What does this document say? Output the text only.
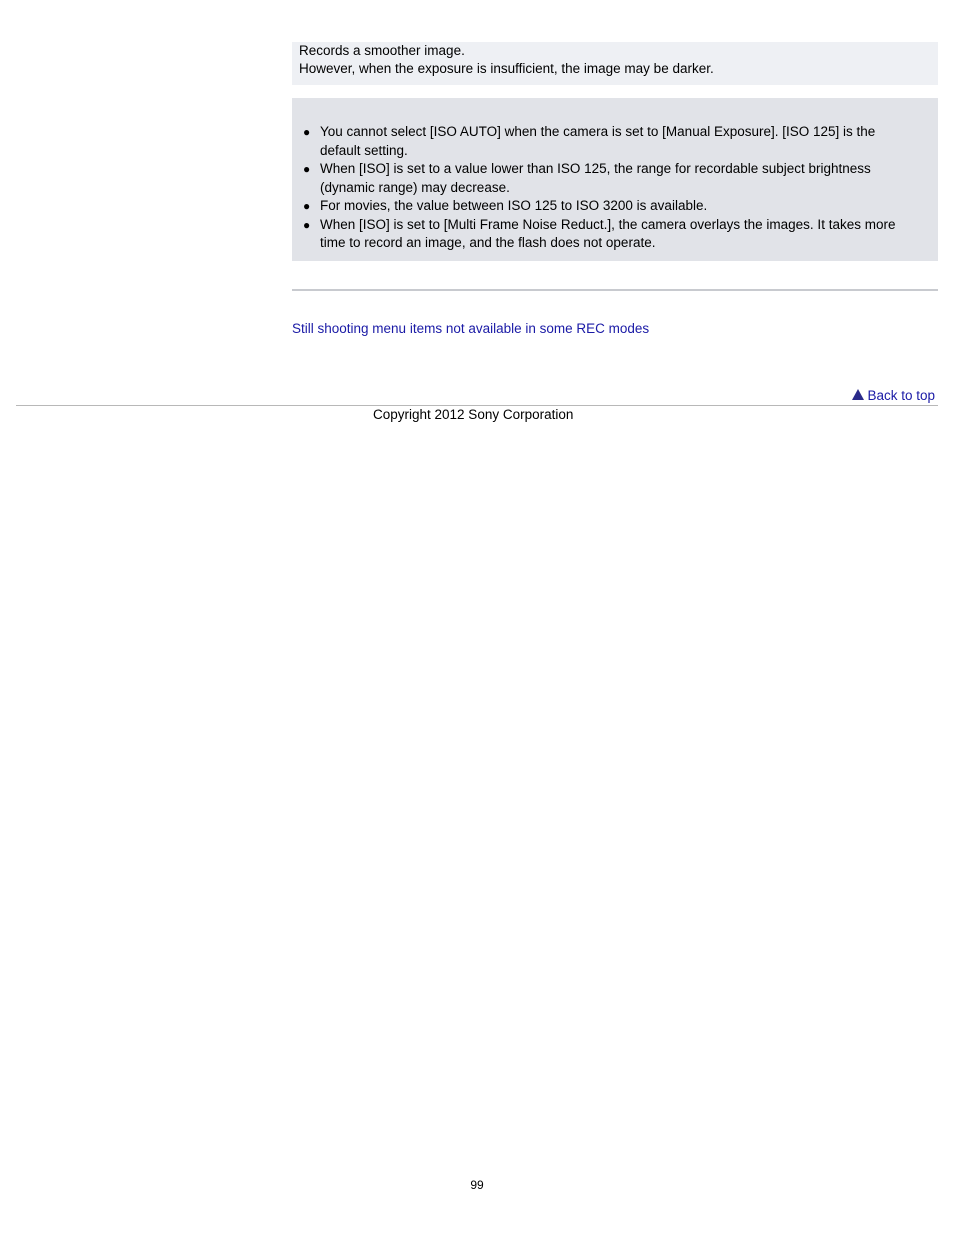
Records a smoother image.
However, when the exposure is insufficient, the image may be darker.
● You cannot select [ISO AUTO] when the camera is set to [Manual Exposure]. [ISO 125] is the default setting.
● When [ISO] is set to a value lower than ISO 125, the range for recordable subject brightness (dynamic range) may decrease.
● For movies, the value between ISO 125 to ISO 3200 is available.
● When [ISO] is set to [Multi Frame Noise Reduct.], the camera overlays the images. It takes more time to record an image, and the flash does not operate.
Still shooting menu items not available in some REC modes
Back to top
Copyright 2012 Sony Corporation
99
